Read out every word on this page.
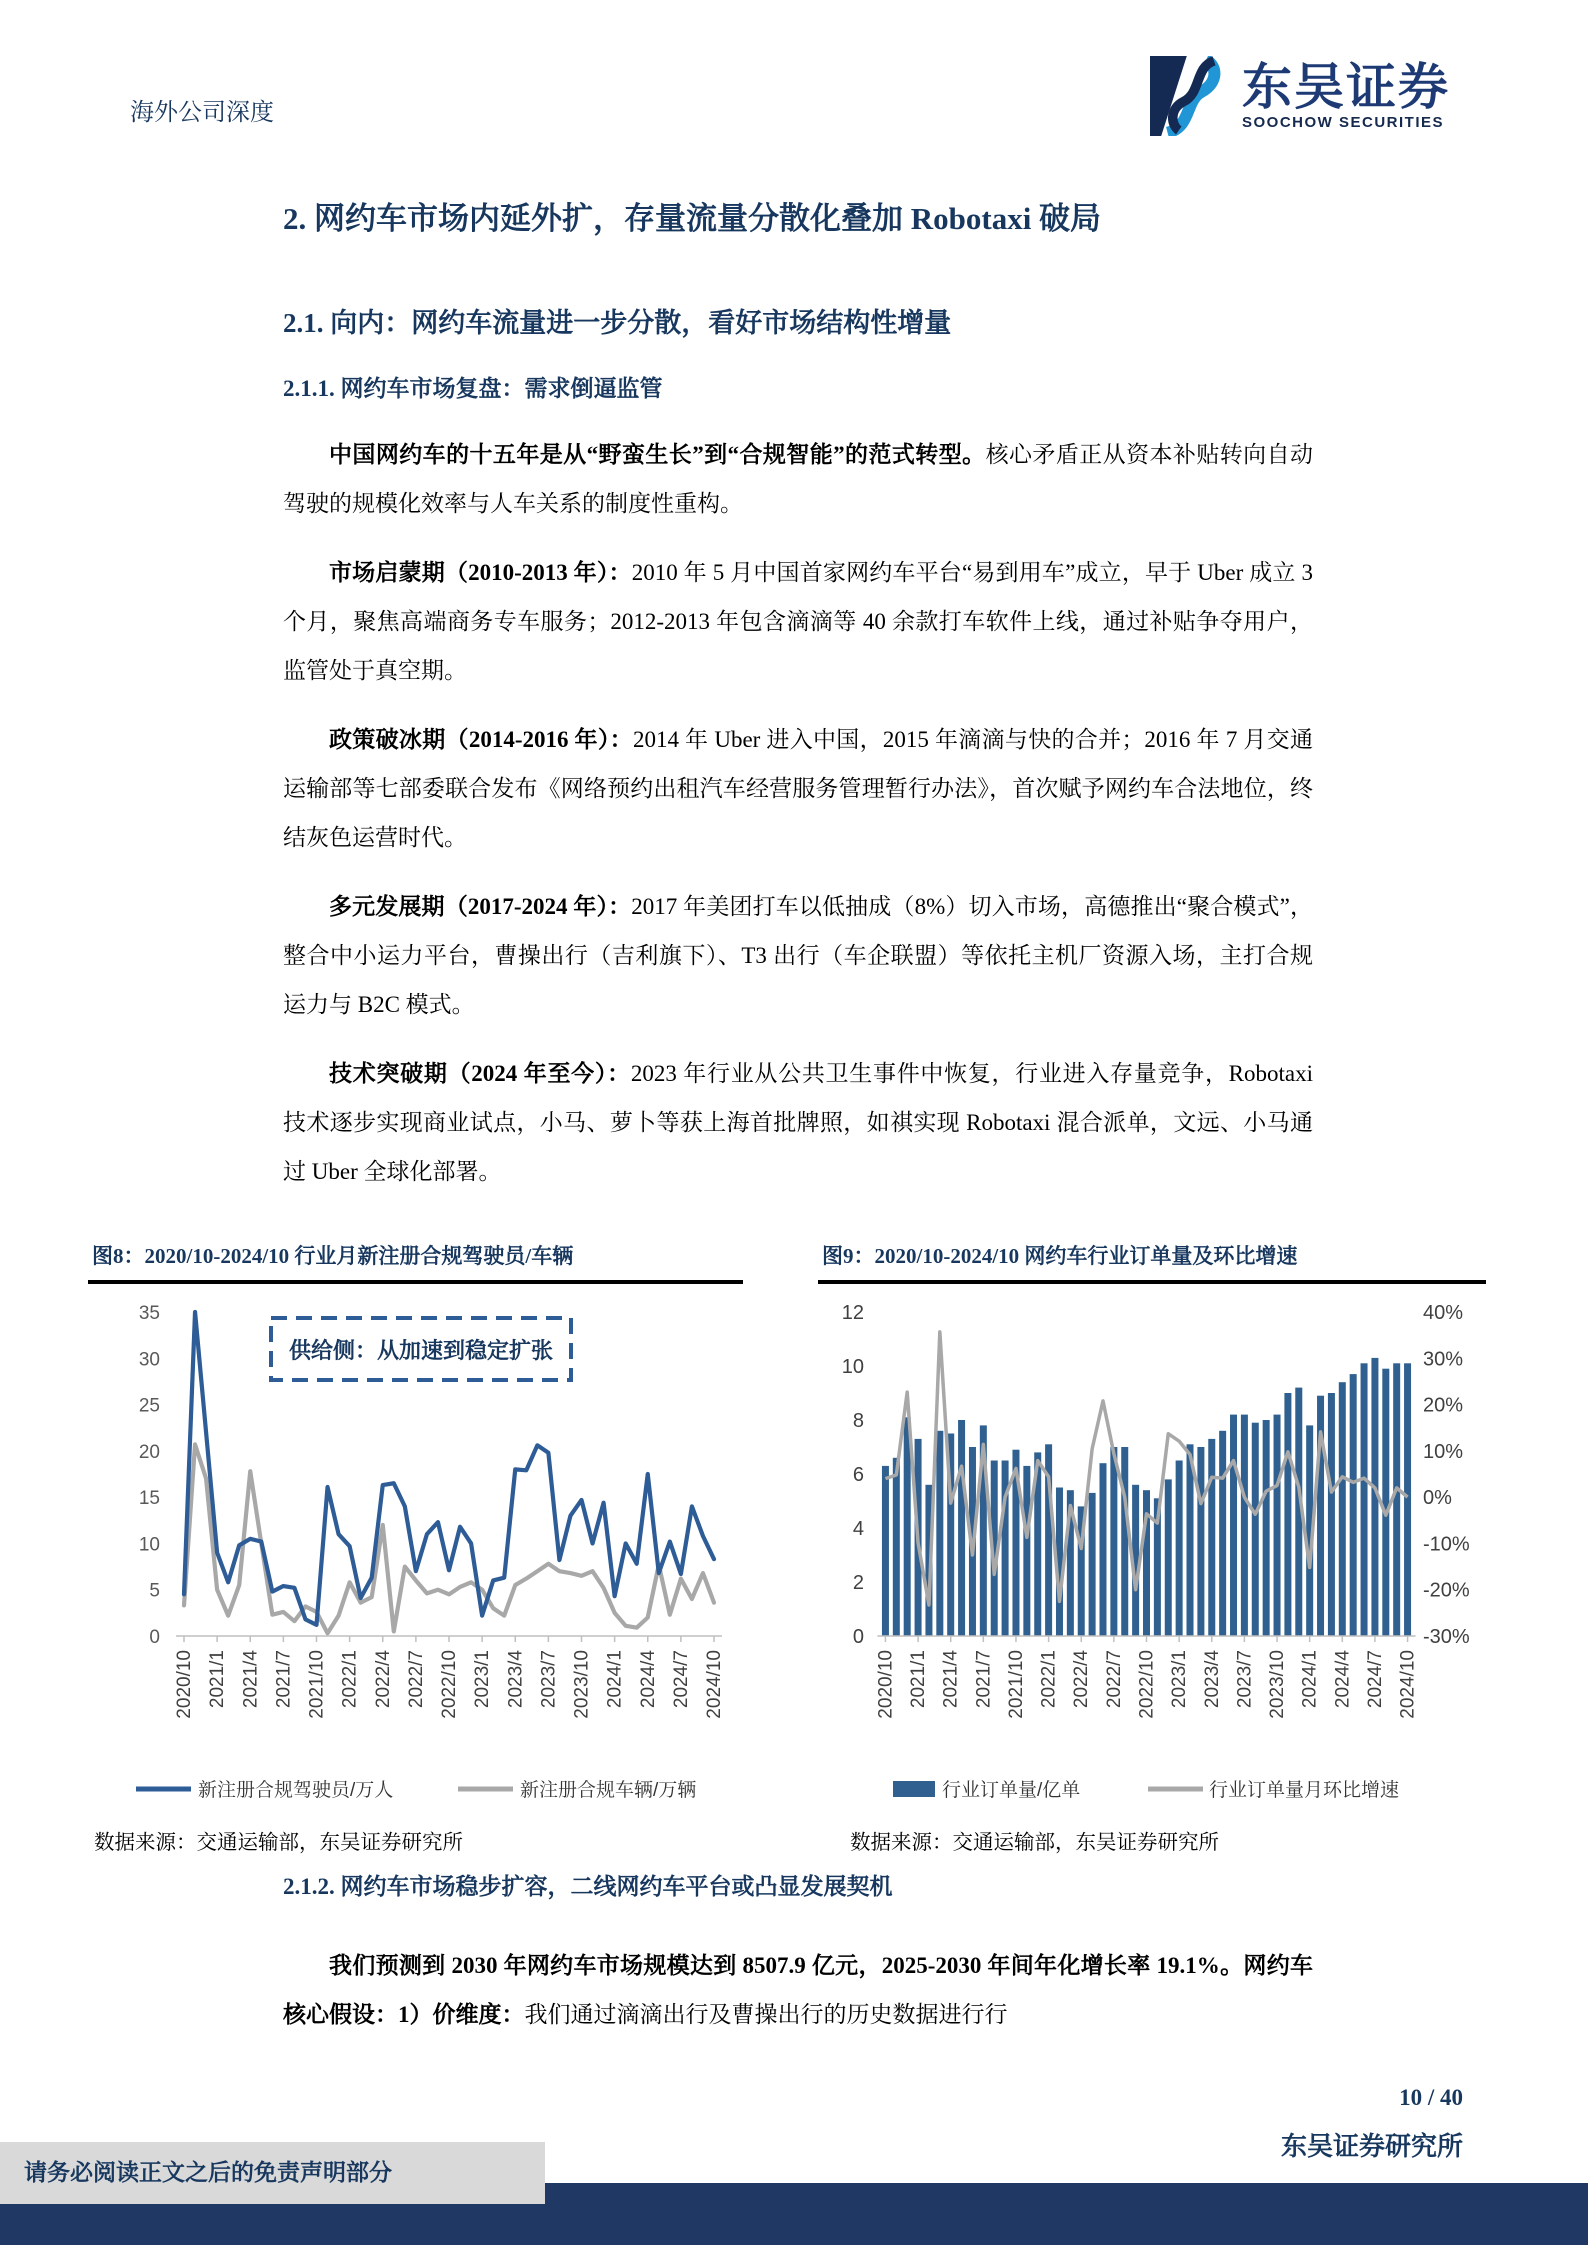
海外公司深度	东吴证券
SOOCHOW SECURITIES
2. 网约车市场内延外扩，存量流量分散化叠加 Robotaxi 破局
2.1. 向内：网约车流量进一步分散，看好市场结构性增量
2.1.1. 网约车市场复盘：需求倒逼监管

中国网约车的十五年是从“野蛮生长”到“合规智能”的范式转型。核心矛盾正从资本补贴转向自动驾驶的规模化效率与人车关系的制度性重构。

市场启蒙期（2010-2013 年）：2010 年 5 月中国首家网约车平台“易到用车”成立，早于 Uber 成立 3 个月，聚焦高端商务专车服务；2012-2013 年包含滴滴等 40 余款打车软件上线，通过补贴争夺用户，监管处于真空期。

政策破冰期（2014-2016 年）：2014 年 Uber 进入中国，2015 年滴滴与快的合并；2016 年 7 月交通运输部等七部委联合发布《网络预约出租汽车经营服务管理暂行办法》，首次赋予网约车合法地位，终结灰色运营时代。

多元发展期（2017-2024 年）：2017 年美团打车以低抽成（8%）切入市场，高德推出“聚合模式”，整合中小运力平台，曹操出行（吉利旗下）、T3 出行（车企联盟）等依托主机厂资源入场，主打合规运力与 B2C 模式。

技术突破期（2024 年至今）：2023 年行业从公共卫生事件中恢复，行业进入存量竞争，Robotaxi 技术逐步实现商业试点，小马、萝卜等获上海首批牌照，如祺实现 Robotaxi 混合派单，文远、小马通过 Uber 全球化部署。

图8：2020/10-2024/10 行业月新注册合规驾驶员/车辆
0
5
10
15
20
25
30
35
2020/10 2021/1 2021/4 2021/7 2021/10 2022/1 2022/4 2022/7 2022/10 2023/1 2023/4 2023/7 2023/10 2024/1 2024/4 2024/7 2024/10
供给侧：从加速到稳定扩张
新注册合规驾驶员/万人	新注册合规车辆/万辆
数据来源：交通运输部，东吴证券研究所
图9：2020/10-2024/10 网约车行业订单量及环比增速
0
2
4
6
8
10
12
-30%
-20%
-10%
0%
10%
20%
30%
40%
2020/10 2021/1 2021/4 2021/7 2021/10 2022/1 2022/4 2022/7 2022/10 2023/1 2023/4 2023/7 2023/10 2024/1 2024/4 2024/7 2024/10
行业订单量/亿单	行业订单量月环比增速
数据来源：交通运输部，东吴证券研究所
2.1.2. 网约车市场稳步扩容，二线网约车平台或凸显发展契机

我们预测到 2030 年网约车市场规模达到 8507.9 亿元，2025-2030 年间年化增长率 19.1%。网约车核心假设：1）价维度：我们通过滴滴出行及曹操出行的历史数据进行行

10 / 40
东吴证券研究所
请务必阅读正文之后的免责声明部分
